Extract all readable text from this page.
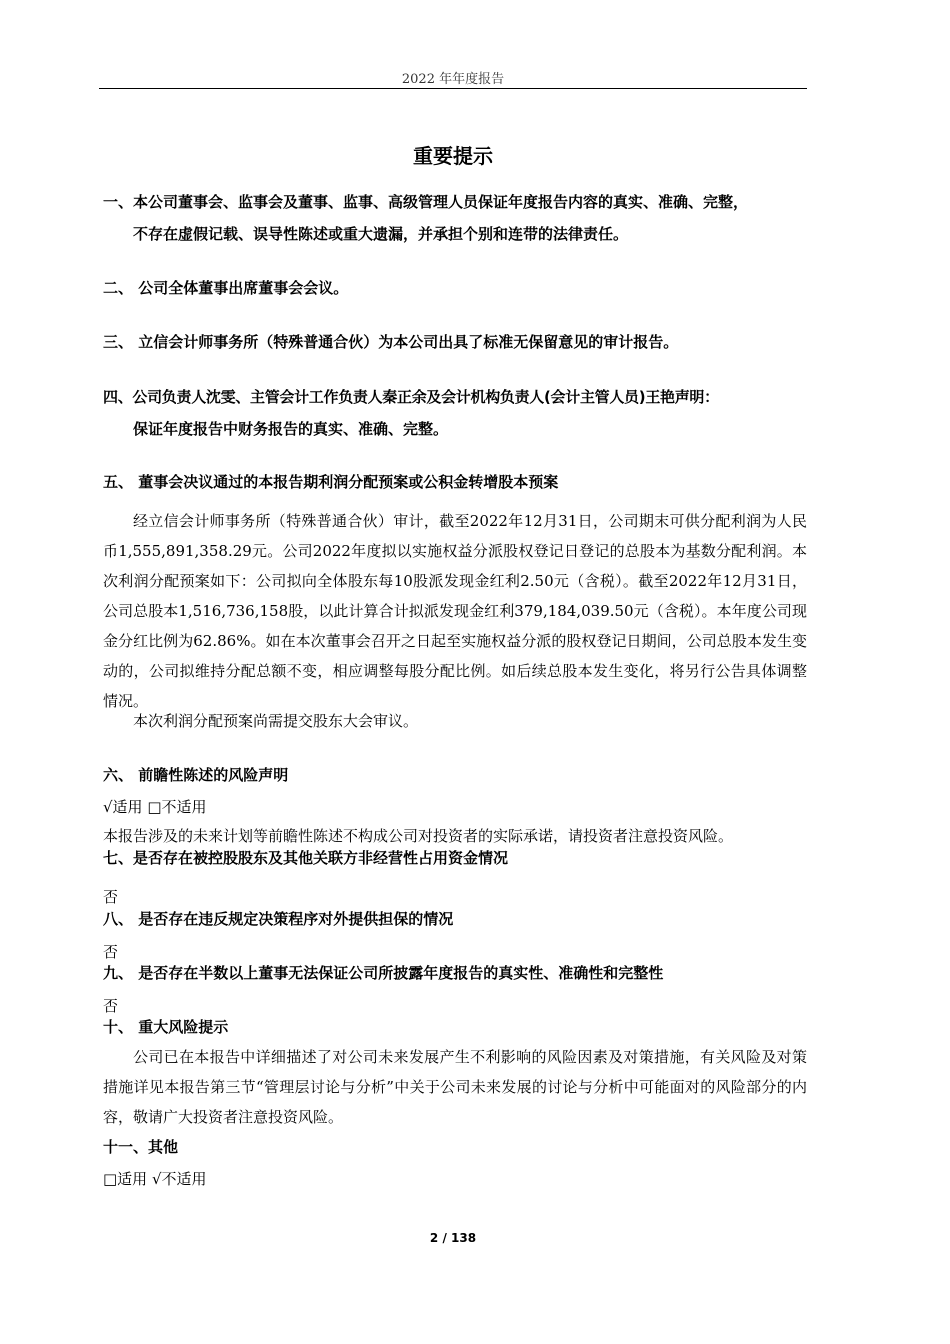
2022 年年度报告
重要提示
一、本公司董事会、监事会及董事、监事、高级管理人员保证年度报告内容的真实、准确、完整，
不存在虚假记载、误导性陈述或重大遗漏，并承担个别和连带的法律责任。
二、 公司全体董事出席董事会会议。
三、 立信会计师事务所（特殊普通合伙）为本公司出具了标准无保留意见的审计报告。
四、公司负责人沈雯、主管会计工作负责人秦正余及会计机构负责人(会计主管人员)王艳声明：
保证年度报告中财务报告的真实、准确、完整。
五、 董事会决议通过的本报告期利润分配预案或公积金转增股本预案
经立信会计师事务所（特殊普通合伙）审计，截至2022年12月31日，公司期末可供分配利润为人民币1,555,891,358.29元。公司2022年度拟以实施权益分派股权登记日登记的总股本为基数分配利润。本次利润分配预案如下：公司拟向全体股东每10股派发现金红利2.50元（含税）。截至2022年12月31日，公司总股本1,516,736,158股，以此计算合计拟派发现金红利379,184,039.50元（含税）。本年度公司现金分红比例为62.86%。如在本次董事会召开之日起至实施权益分派的股权登记日期间，公司总股本发生变动的，公司拟维持分配总额不变，相应调整每股分配比例。如后续总股本发生变化，将另行公告具体调整情况。
本次利润分配预案尚需提交股东大会审议。
六、 前瞻性陈述的风险声明
√适用 □不适用
本报告涉及的未来计划等前瞻性陈述不构成公司对投资者的实际承诺，请投资者注意投资风险。
七、是否存在被控股股东及其他关联方非经营性占用资金情况
否
八、 是否存在违反规定决策程序对外提供担保的情况
否
九、 是否存在半数以上董事无法保证公司所披露年度报告的真实性、准确性和完整性
否
十、 重大风险提示
公司已在本报告中详细描述了对公司未来发展产生不利影响的风险因素及对策措施，有关风险及对策措施详见本报告第三节“管理层讨论与分析”中关于公司未来发展的讨论与分析中可能面对的风险部分的内容，敬请广大投资者注意投资风险。
十一、其他
□适用 √不适用
2 / 138
